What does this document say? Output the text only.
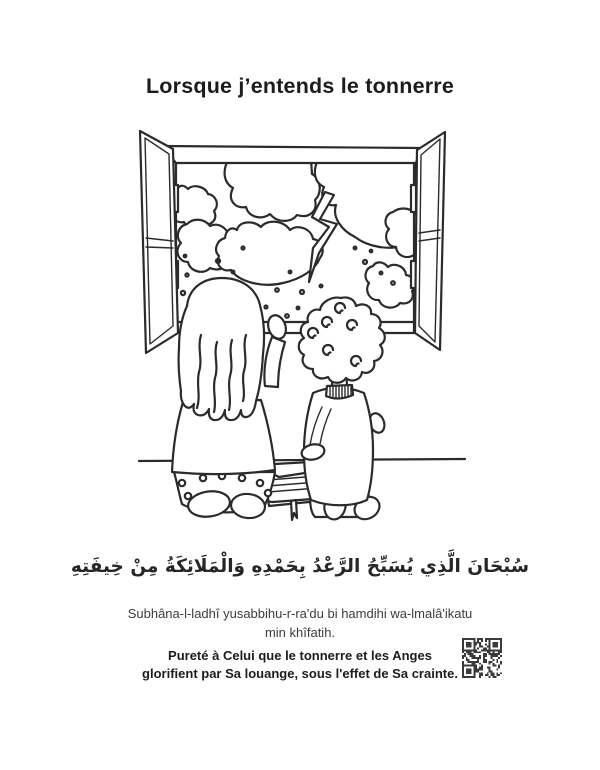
Lorsque j’entends le tonnerre
سُبْحَانَ الَّذِي يُسَبِّحُ الرَّعْدُ بِحَمْدِهِ وَالْمَلَائِكَةُ مِنْ خِيفَتِهِ
Subhâna-l-ladhî yusabbihu-r-ra'du bi hamdihi wa-lmalâ'ikatu
min khîfatih.
Pureté à Celui que le tonnerre et les Anges
glorifient par Sa louange, sous l'effet de Sa crainte.
